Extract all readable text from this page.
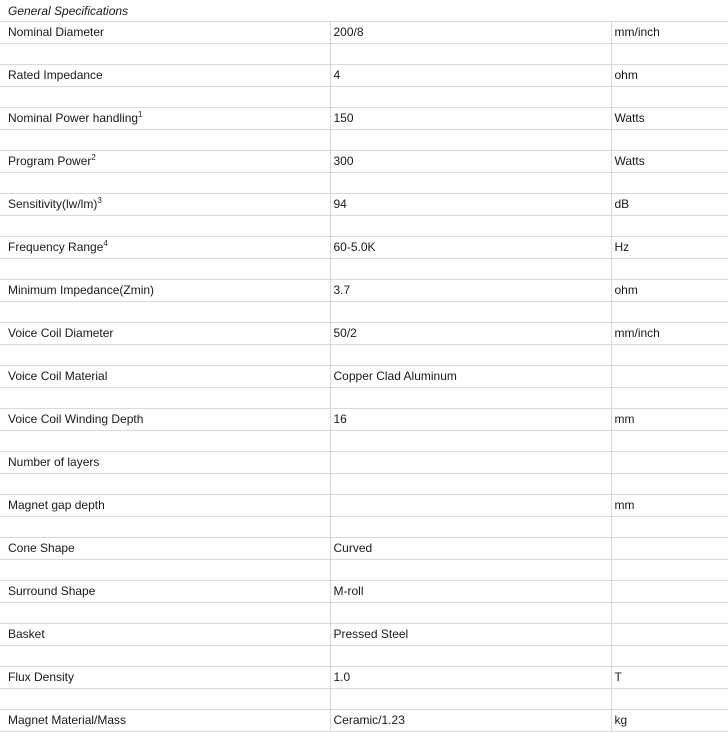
General Specifications
Nominal Diameter	200/8	mm/inch

Rated Impedance	4	ohm

Nominal Power handling$^1$	150	Watts

Program Power$^2$	300	Watts

$Sensitivity(lw/lm)^3$	94	dB

Frequency Range$^4$	60-5.0K	Hz

Minimum Impedance(Zmin)	3.7	ohm

Voice Coil Diameter	50/2	mm/inch

Voice Coil Material	Copper Clad Aluminum	

Voice Coil Winding Depth	16	mm

Number of layers		

Magnet gap depth		mm

Cone Shape	Curved	

Surround Shape	M-roll	

Basket	Pressed Steel	

Flux Density	1.0	T

Magnet Material/Mass	Ceramic/1.23	kg
